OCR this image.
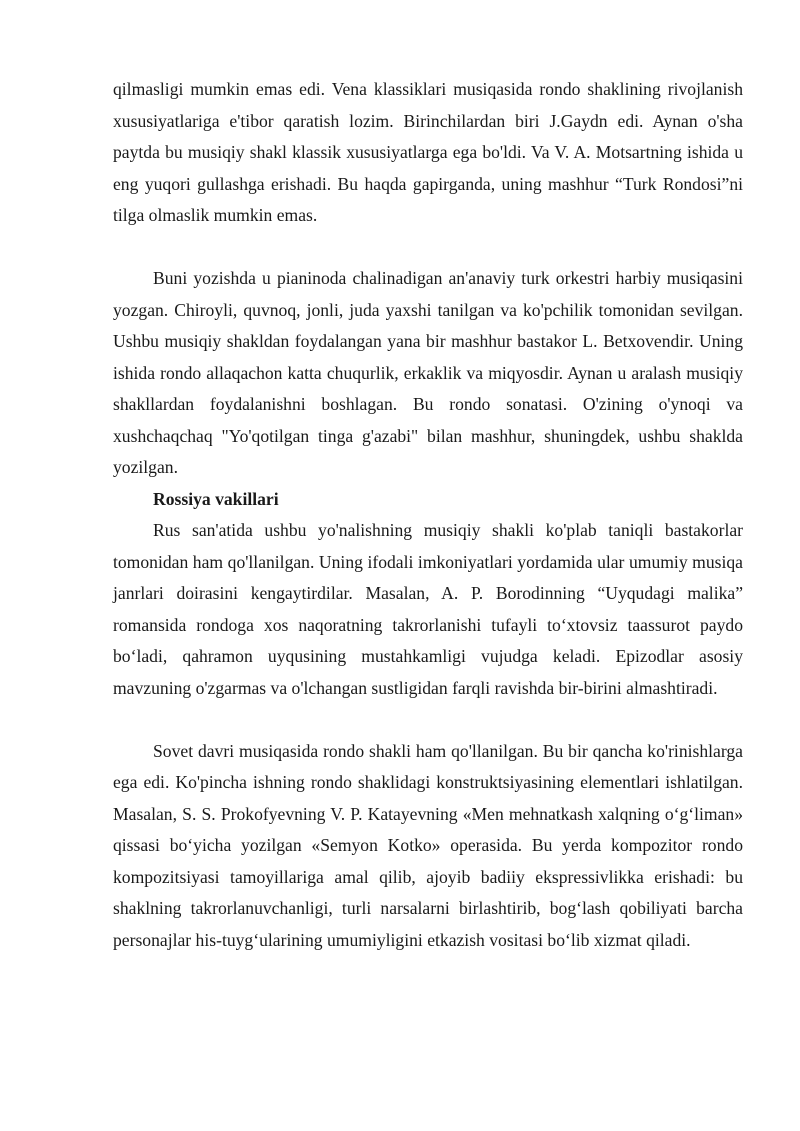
qilmasligi mumkin emas edi. Vena klassiklari musiqasida rondo shaklining rivojlanish xususiyatlariga e'tibor qaratish lozim. Birinchilardan biri J.Gaydn edi. Aynan o'sha paytda bu musiqiy shakl klassik xususiyatlarga ega bo'ldi. Va V. A. Motsartning ishida u eng yuqori gullashga erishadi. Bu haqda gapirganda, uning mashhur “Turk Rondosi”ni tilga olmaslik mumkin emas.

Buni yozishda u pianinoda chalinadigan an'anaviy turk orkestri harbiy musiqasini yozgan. Chiroyli, quvnoq, jonli, juda yaxshi tanilgan va ko'pchilik tomonidan sevilgan. Ushbu musiqiy shakldan foydalangan yana bir mashhur bastakor L. Betxovendir. Uning ishida rondo allaqachon katta chuqurlik, erkaklik va miqyosdir. Aynan u aralash musiqiy shakllardan foydalanishni boshlagan. Bu rondo sonatasi. O'zining o'ynoqi va xushchaqchaq "Yo'qotilgan tinga g'azabi" bilan mashhur, shuningdek, ushbu shaklda yozilgan.

Rossiya vakillari

Rus san'atida ushbu yo'nalishning musiqiy shakli ko'plab taniqli bastakorlar tomonidan ham qo'llanilgan. Uning ifodali imkoniyatlari yordamida ular umumiy musiqa janrlari doirasini kengaytirdilar. Masalan, A. P. Borodinning “Uyqudagi malika” romansida rondoga xos naqoratning takrorlanishi tufayli to‘xtovsiz taassurot paydo bo‘ladi, qahramon uyqusining mustahkamligi vujudga keladi. Epizodlar asosiy mavzuning o'zgarmas va o'lchangan sustligidan farqli ravishda bir-birini almashtiradi.

Sovet davri musiqasida rondo shakli ham qo'llanilgan. Bu bir qancha ko'rinishlarga ega edi. Ko'pincha ishning rondo shaklidagi konstruktsiyasining elementlari ishlatilgan. Masalan, S. S. Prokofyevning V. P. Katayevning «Men mehnatkash xalqning o‘g‘liman» qissasi bo‘yicha yozilgan «Semyon Kotko» operasida. Bu yerda kompozitor rondo kompozitsiyasi tamoyillariga amal qilib, ajoyib badiiy ekspressivlikka erishadi: bu shaklning takrorlanuvchanligi, turli narsalarni birlashtirib, bog‘lash qobiliyati barcha personajlar his-tuyg‘ularining umumiyligini etkazish vositasi bo‘lib xizmat qiladi.
